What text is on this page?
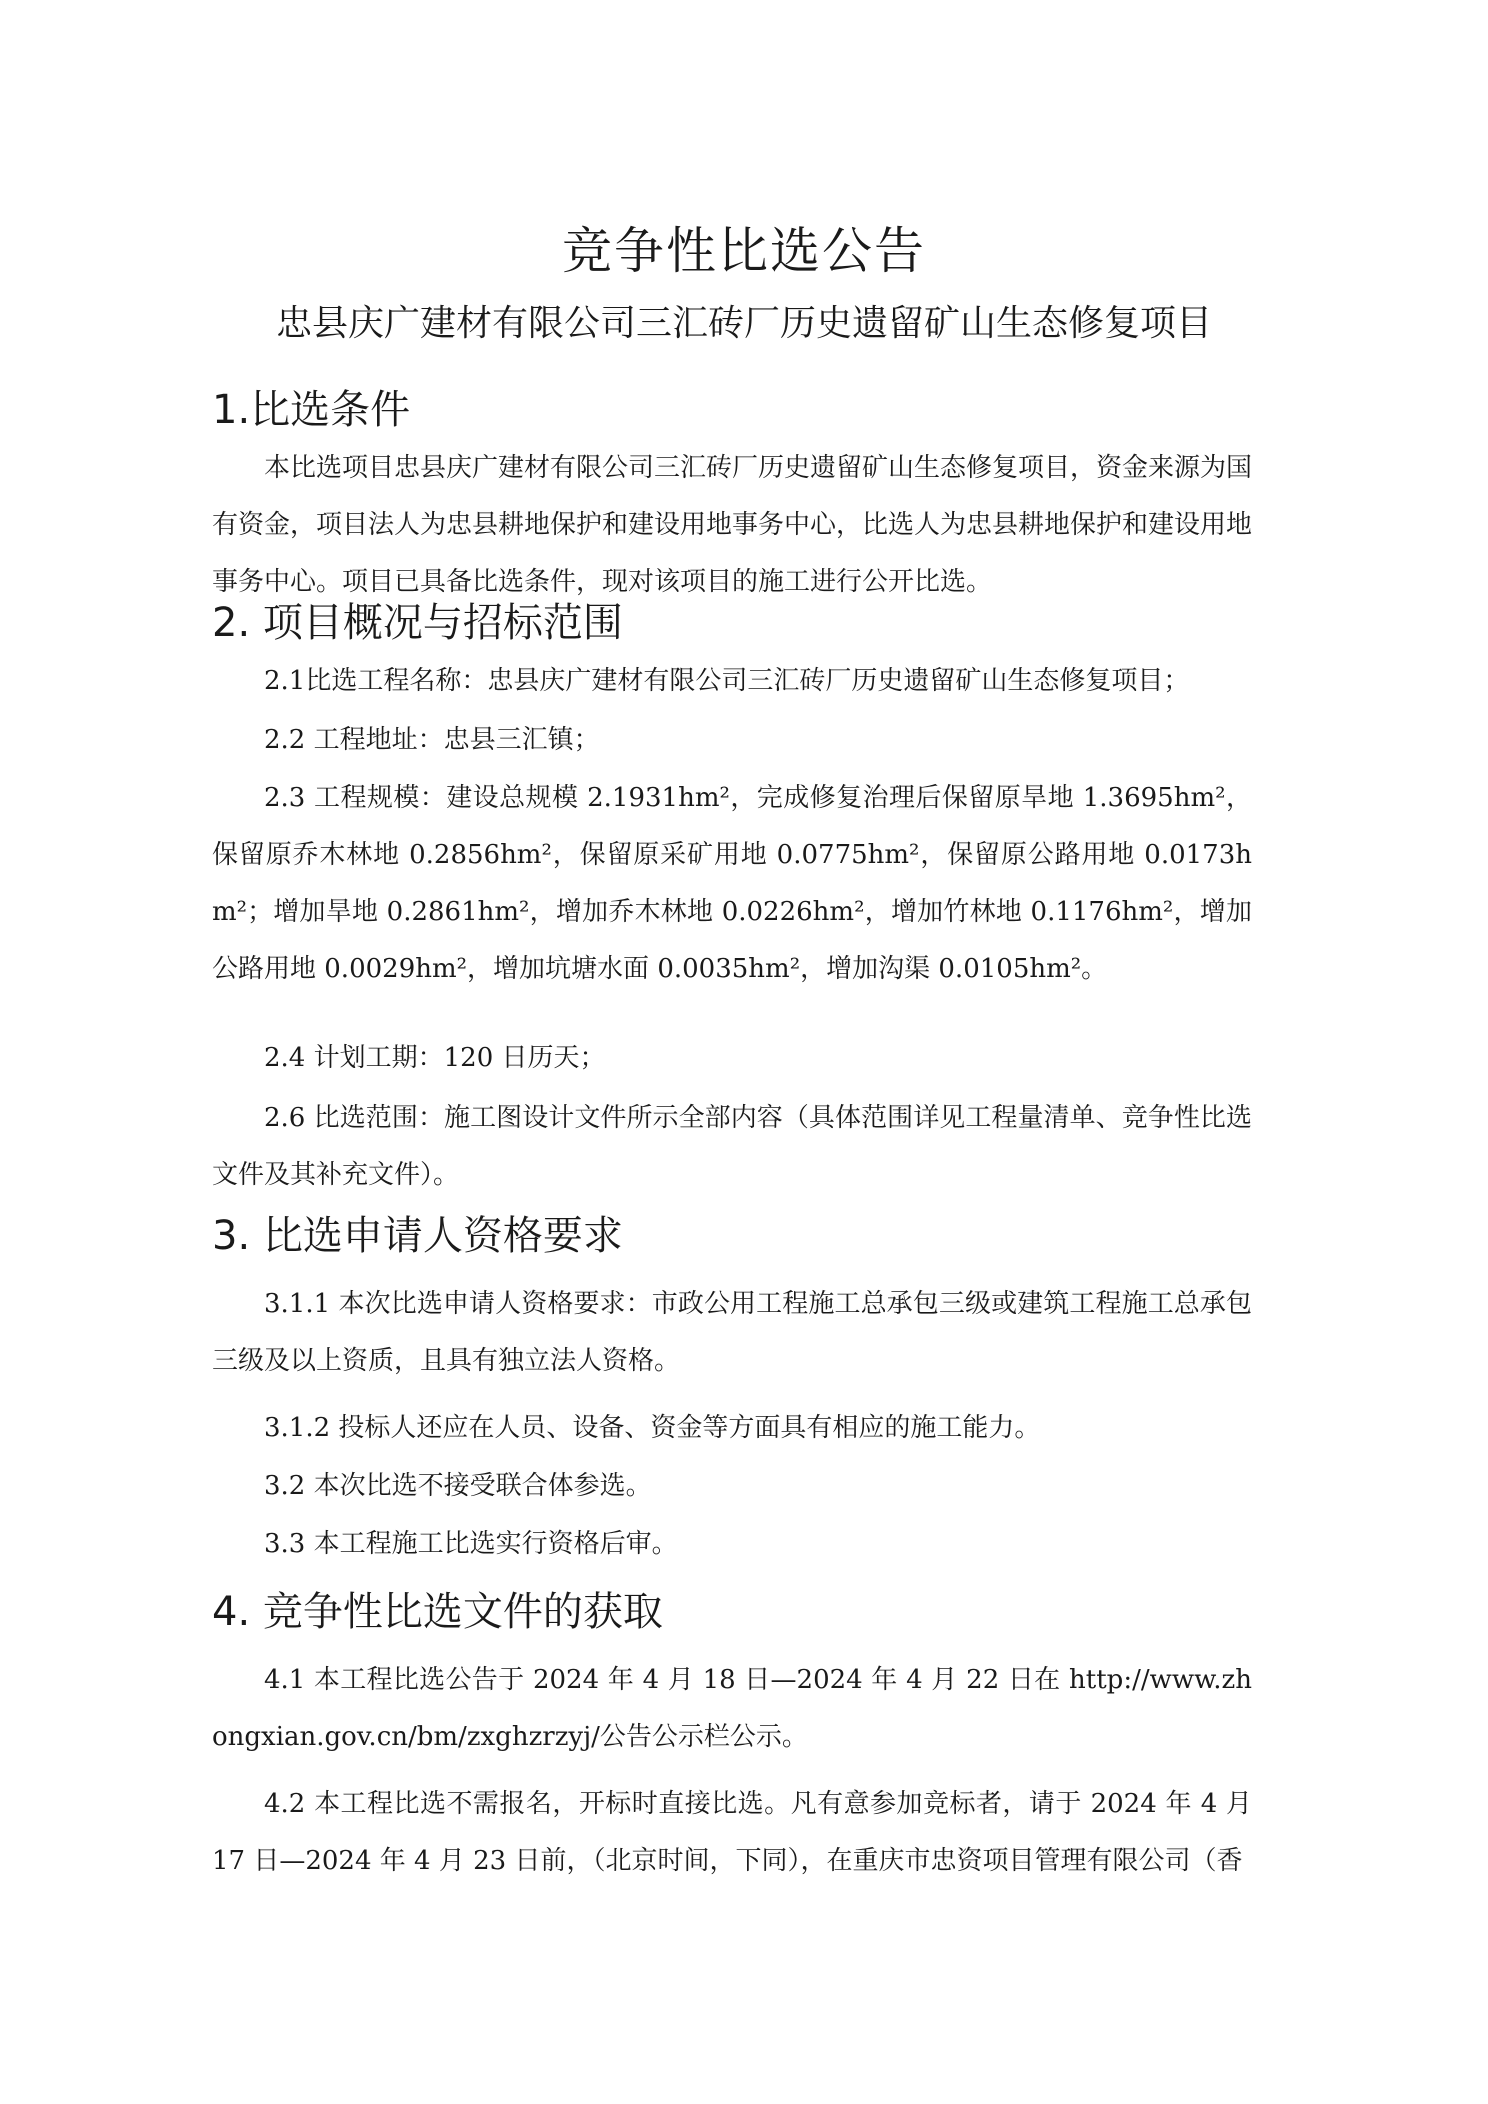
竞争性比选公告
忠县庆广建材有限公司三汇砖厂历史遗留矿山生态修复项目
1.比选条件
本比选项目忠县庆广建材有限公司三汇砖厂历史遗留矿山生态修复项目，资金来源为国有资金，项目法人为忠县耕地保护和建设用地事务中心，比选人为忠县耕地保护和建设用地事务中心。项目已具备比选条件，现对该项目的施工进行公开比选。
2. 项目概况与招标范围
2.1比选工程名称：忠县庆广建材有限公司三汇砖厂历史遗留矿山生态修复项目；
2.2 工程地址：忠县三汇镇；
2.3 工程规模：建设总规模 2.1931hm²，完成修复治理后保留原旱地 1.3695hm²，保留原乔木林地 0.2856hm²，保留原采矿用地 0.0775hm²，保留原公路用地 0.0173hm²；增加旱地 0.2861hm²，增加乔木林地 0.0226hm²，增加竹林地 0.1176hm²，增加公路用地 0.0029hm²，增加坑塘水面 0.0035hm²，增加沟渠 0.0105hm²。
2.4 计划工期：120 日历天；
2.6 比选范围：施工图设计文件所示全部内容（具体范围详见工程量清单、竞争性比选文件及其补充文件）。
3. 比选申请人资格要求
3.1.1 本次比选申请人资格要求：市政公用工程施工总承包三级或建筑工程施工总承包三级及以上资质，且具有独立法人资格。
3.1.2 投标人还应在人员、设备、资金等方面具有相应的施工能力。
3.2 本次比选不接受联合体参选。
3.3 本工程施工比选实行资格后审。
4. 竞争性比选文件的获取
4.1 本工程比选公告于 2024 年 4 月 18 日—2024 年 4 月 22 日在 http://www.zhongxian.gov.cn/bm/zxghzrzyj/公告公示栏公示。
4.2 本工程比选不需报名，开标时直接比选。凡有意参加竞标者，请于 2024 年 4 月 17 日—2024 年 4 月 23 日前，（北京时间，下同），在重庆市忠资项目管理有限公司（香
